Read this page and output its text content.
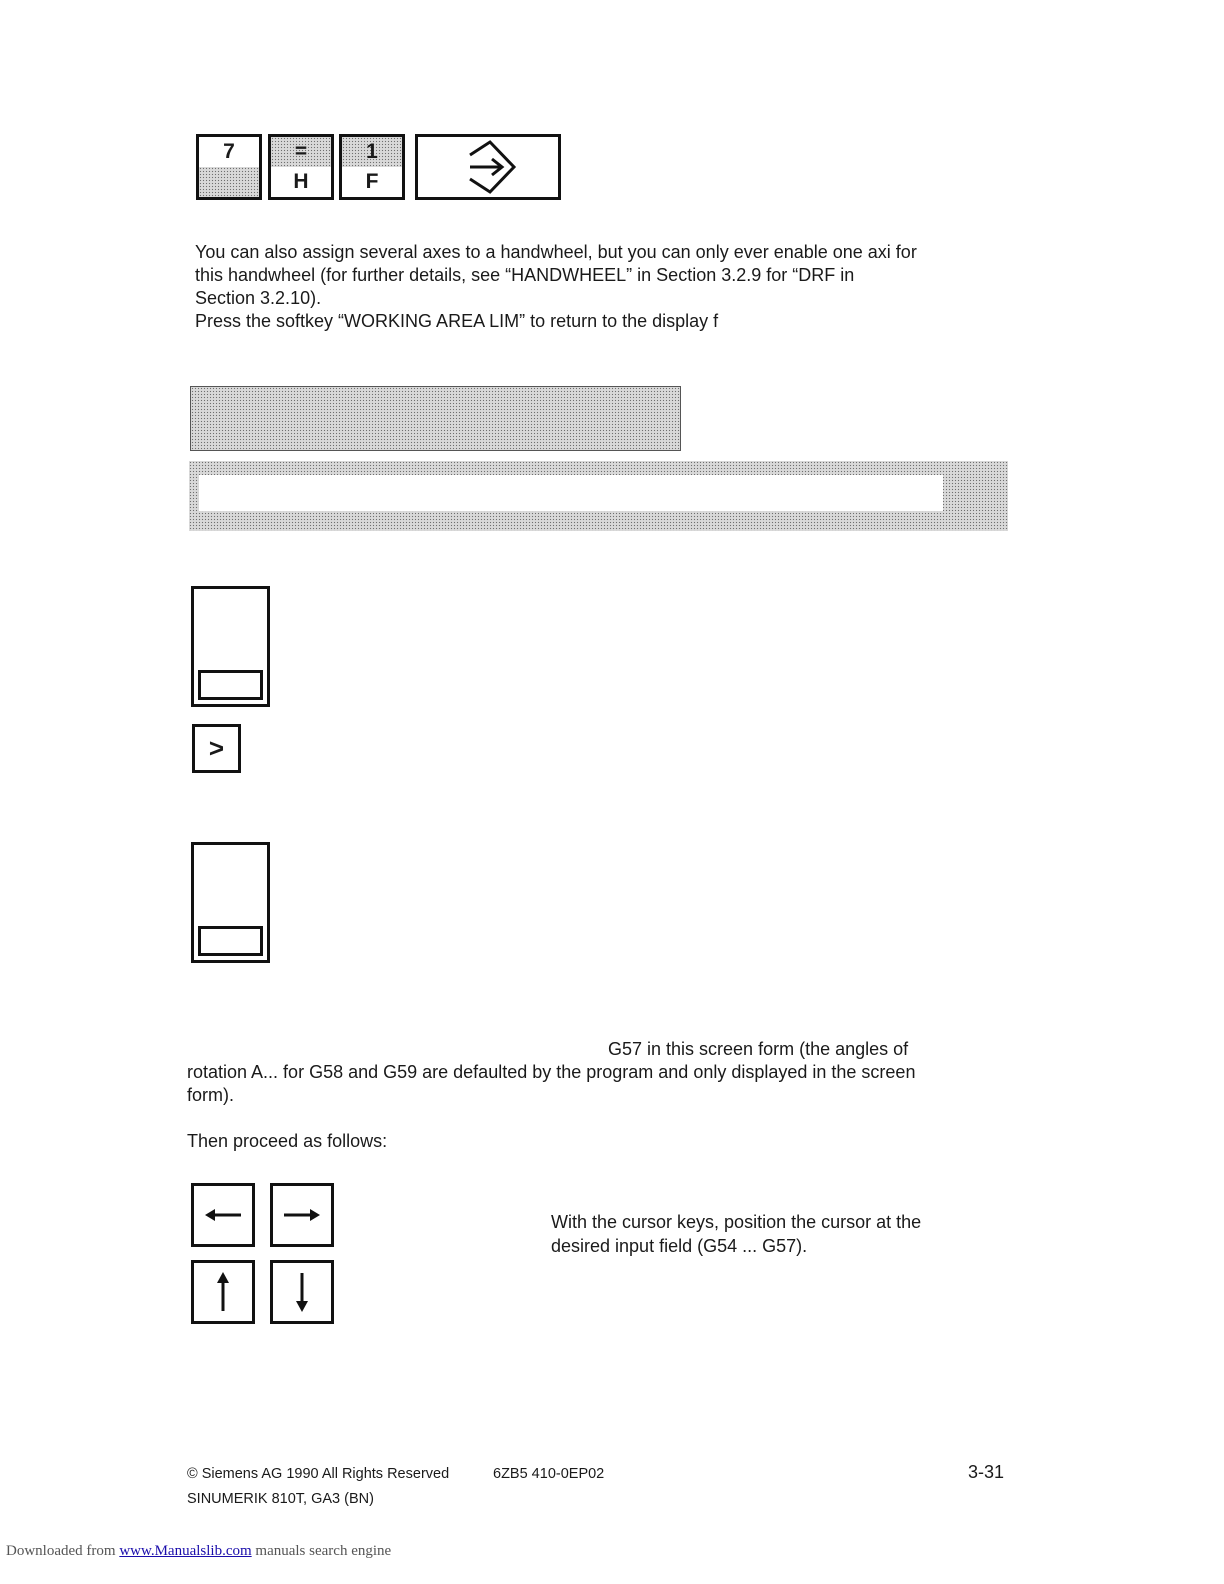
7	=
H
1
F
You can also assign several axes to a handwheel, but you can only ever enable one axi for
this handwheel (for further details, see “HANDWHEEL” in Section 3.2.9 for “DRF in
Section 3.2.10).
Press the softkey “WORKING AREA LIM” to return to the display f
>
G57 in this screen form (the angles of
rotation A... for G58 and G59 are defaulted by the program and only displayed in the screen
form).
Then proceed as follows:
With the cursor keys, position the cursor at the
desired input field (G54 ... G57).
© Siemens AG 1990 All Rights Reserved	6ZB5 410-0EP02	3-31
SINUMERIK 810T, GA3 (BN)
Downloaded from www.Manualslib.com manuals search engine
